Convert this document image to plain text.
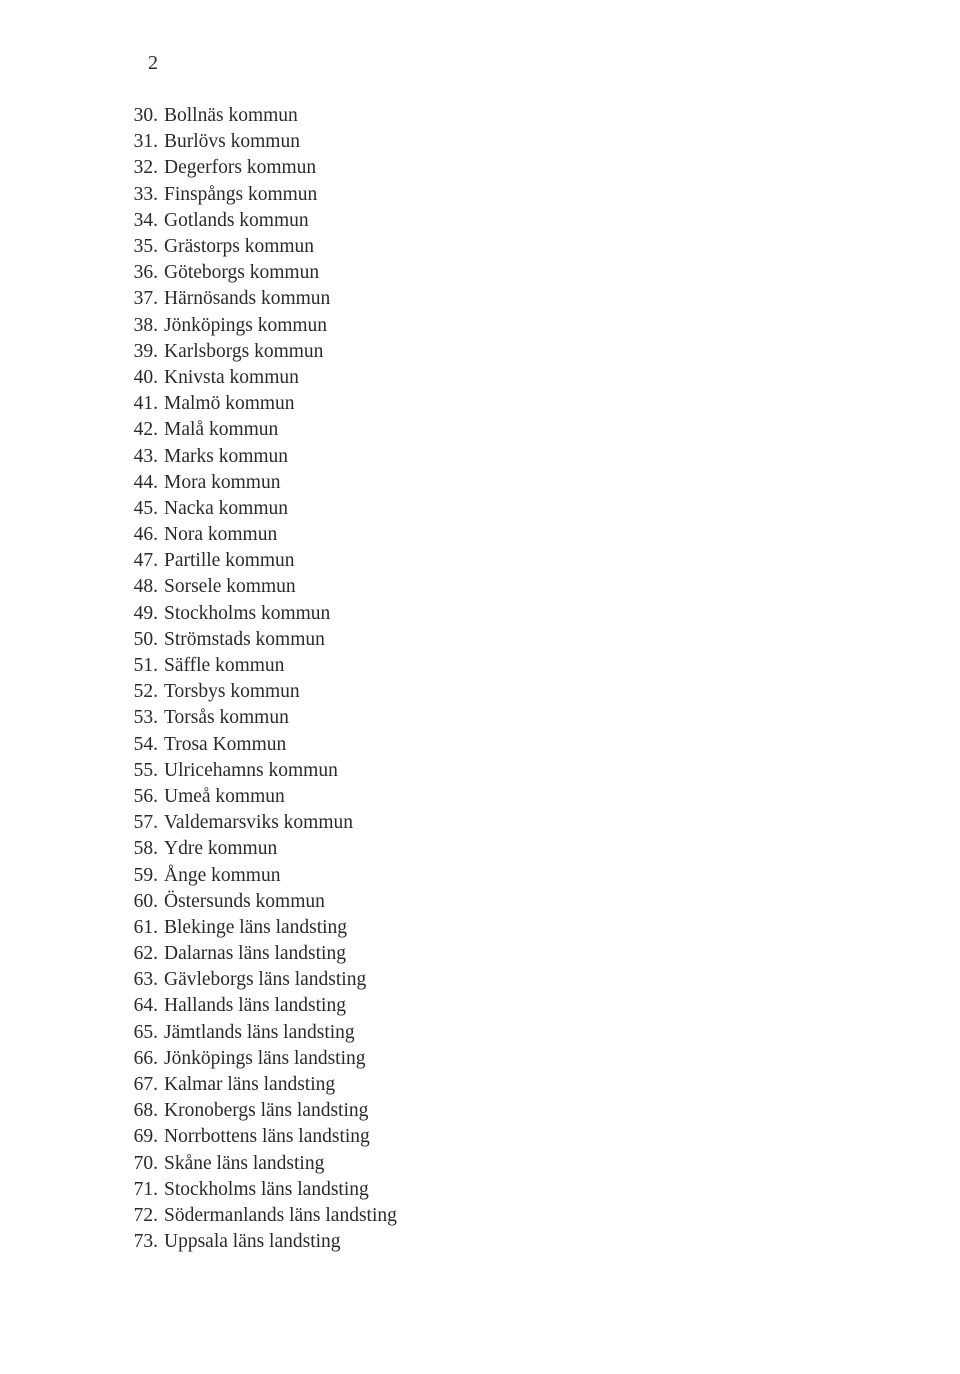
2
30. Bollnäs kommun
31. Burlövs kommun
32. Degerfors kommun
33. Finspångs kommun
34. Gotlands kommun
35. Grästorps kommun
36. Göteborgs kommun
37. Härnösands kommun
38. Jönköpings kommun
39. Karlsborgs kommun
40. Knivsta kommun
41. Malmö kommun
42. Malå kommun
43. Marks kommun
44. Mora kommun
45. Nacka kommun
46. Nora kommun
47. Partille kommun
48. Sorsele kommun
49. Stockholms kommun
50. Strömstads kommun
51. Säffle kommun
52. Torsbys kommun
53. Torsås kommun
54. Trosa Kommun
55. Ulricehamns kommun
56. Umeå kommun
57. Valdemarsviks kommun
58. Ydre kommun
59. Ånge kommun
60. Östersunds kommun
61. Blekinge läns landsting
62. Dalarnas läns landsting
63. Gävleborgs läns landsting
64. Hallands läns landsting
65. Jämtlands läns landsting
66. Jönköpings läns landsting
67. Kalmar läns landsting
68. Kronobergs läns landsting
69. Norrbottens läns landsting
70. Skåne läns landsting
71. Stockholms läns landsting
72. Södermanlands läns landsting
73. Uppsala läns landsting
